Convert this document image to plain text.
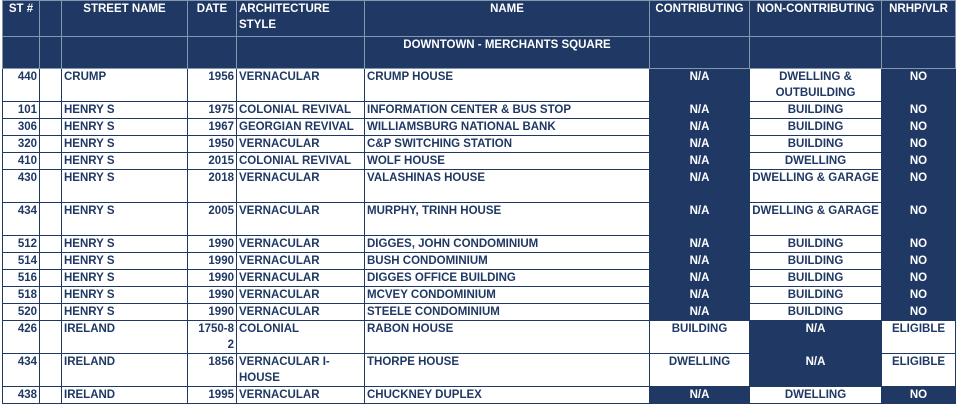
ST #		STREET NAME	DATE	ARCHITECTURE STYLE	NAME	CONTRIBUTING	NON-CONTRIBUTING	NRHP/VLR
					DOWNTOWN - MERCHANTS SQUARE			
440		CRUMP	1956	VERNACULAR	CRUMP HOUSE	N/A	DWELLING & OUTBUILDING	NO
101		HENRY S	1975	COLONIAL REVIVAL	INFORMATION CENTER & BUS STOP	N/A	BUILDING	NO
306		HENRY S	1967	GEORGIAN REVIVAL	WILLIAMSBURG NATIONAL BANK	N/A	BUILDING	NO
320		HENRY S	1950	VERNACULAR	C&P SWITCHING STATION	N/A	BUILDING	NO
410		HENRY S	2015	COLONIAL REVIVAL	WOLF HOUSE	N/A	DWELLING	NO
430		HENRY S	2018	VERNACULAR	VALASHINAS HOUSE	N/A	DWELLING & GARAGE	NO
434		HENRY S	2005	VERNACULAR	MURPHY, TRINH HOUSE	N/A	DWELLING & GARAGE	NO
512		HENRY S	1990	VERNACULAR	DIGGES, JOHN CONDOMINIUM	N/A	BUILDING	NO
514		HENRY S	1990	VERNACULAR	BUSH CONDOMINIUM	N/A	BUILDING	NO
516		HENRY S	1990	VERNACULAR	DIGGES OFFICE BUILDING	N/A	BUILDING	NO
518		HENRY S	1990	VERNACULAR	MCVEY CONDOMINIUM	N/A	BUILDING	NO
520		HENRY S	1990	VERNACULAR	STEELE CONDOMINIUM	N/A	BUILDING	NO
426		IRELAND	1750-8 2	COLONIAL	RABON HOUSE	BUILDING	N/A	ELIGIBLE
434		IRELAND	1856	VERNACULAR I-HOUSE	THORPE HOUSE	DWELLING	N/A	ELIGIBLE
438		IRELAND	1995	VERNACULAR	CHUCKNEY DUPLEX	N/A	DWELLING	NO
